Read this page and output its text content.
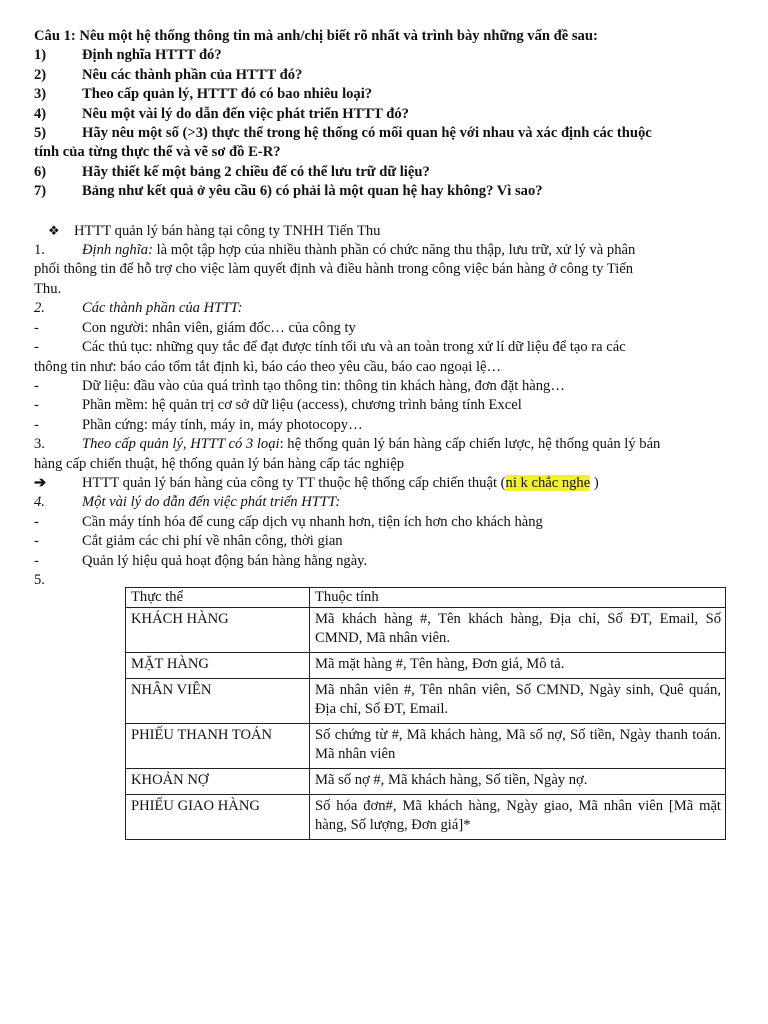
Câu 1: Nêu một hệ thống thông tin mà anh/chị biết rõ nhất và trình bày những vấn đề sau:
1) Định nghĩa HTTT đó?
2) Nêu các thành phần của HTTT đó?
3) Theo cấp quản lý, HTTT đó có bao nhiêu loại?
4) Nêu một vài lý do dẫn đến việc phát triển HTTT đó?
5) Hãy nêu một số (>3) thực thể trong hệ thống có mối quan hệ với nhau và xác định các thuộc
tính của từng thực thể và vẽ sơ đồ E-R?
6) Hãy thiết kế một bảng 2 chiều để có thể lưu trữ dữ liệu?
7) Bảng như kết quả ở yêu cầu 6) có phải là một quan hệ hay không? Vì sao?
❖ HTTT quản lý bán hàng tại công ty TNHH Tiến Thu
1.	Định nghĩa: là một tập hợp của nhiều thành phần có chức năng thu thập, lưu trữ, xử lý và phân
phối thông tin để hỗ trợ cho việc làm quyết định và điều hành trong công việc bán hàng ở công ty Tiến
Thu.
2.	Các thành phần của HTTT:
-	Con người: nhân viên, giám đốc… của công ty
-	Các thủ tục: những quy tắc để đạt được tính tối ưu và an toàn trong xử lí dữ liệu để tạo ra các
thông tin như: báo cáo tổm tắt định kì, báo cáo theo yêu cầu, báo cao ngoại lệ…
-	Dữ liệu: đầu vào của quá trình tạo thông tin: thông tin khách hàng, đơn đặt hàng…
-	Phần mềm: hệ quản trị cơ sở dữ liệu (access), chương trình bảng tính Excel
-	Phần cứng: máy tính, máy in, máy photocopy…
3.	Theo cấp quản lý, HTTT có 3 loại: hệ thống quản lý bán hàng cấp chiến lược, hệ thống quản lý bán
hàng cấp chiến thuật, hệ thống quản lý bán hàng cấp tác nghiệp
➔ HTTT quản lý bán hàng của công ty TT thuộc hệ thống cấp chiến thuật (ni k chắc nghe )
4.	Một vài lý do dẫn đến việc phát triển HTTT:
-	Cần máy tính hóa để cung cấp dịch vụ nhanh hơn, tiện ích hơn cho khách hàng
-	Cắt giảm các chi phí về nhân công, thời gian
-	Quản lý hiệu quả hoạt động bán hàng hằng ngày.
5.
Thực thể	Thuộc tính
KHÁCH HÀNG	Mã khách hàng #, Tên khách hàng, Địa chỉ, Số ĐT, Email, Số CMND, Mã nhân viên.
MẶT HÀNG	Mã mặt hàng #, Tên hàng, Đơn giá, Mô tả.
NHÂN VIÊN	Mã nhân viên #, Tên nhân viên, Số CMND, Ngày sinh, Quê quán, Địa chỉ, Số ĐT, Email.
PHIẾU THANH TOÁN	Số chứng từ #, Mã khách hàng, Mã số nợ, Số tiền, Ngày thanh toán. Mã nhân viên
KHOẢN NỢ	Mã số nợ #, Mã khách hàng, Số tiền, Ngày nợ.
PHIẾU GIAO HÀNG	Số hóa đơn#, Mã khách hàng, Ngày giao, Mã nhân viên [Mã mặt hàng, Số lượng, Đơn giá]*
